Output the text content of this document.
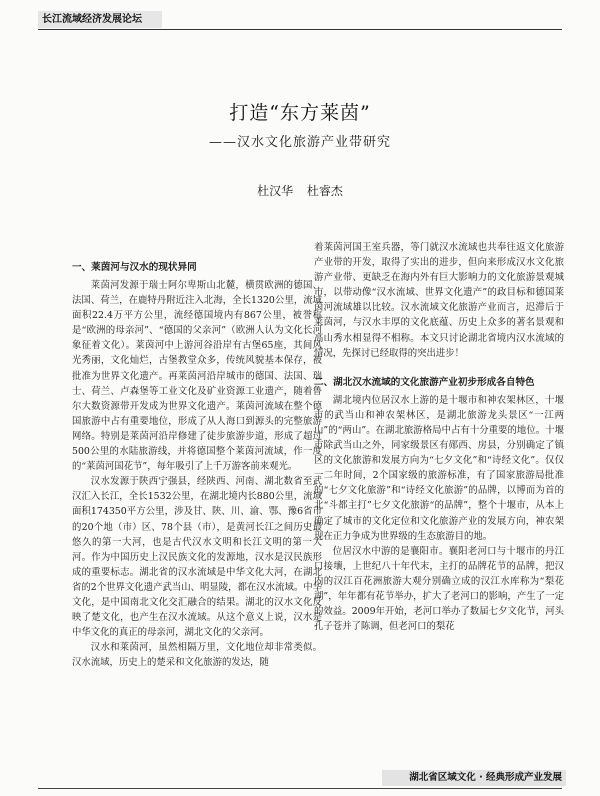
长江流域经济发展论坛
打造“东方莱茵”
——汉水文化旅游产业带研究
杜汉华 杜睿杰
一、莱茵河与汉水的现状异同

莱茵河发源于瑞士阿尔卑斯山北麓，横贯欧洲的德国、法国、荷兰，在鹿特丹附近注入北海，全长1320公里，流域面积22.4万平方公里，流经德国境内有867公里，被誉称是“欧洲的母亲河”、“德国的父亲河”（欧洲人认为文化长河象征着文化）。莱茵河中上游河谷沿岸有古堡65座，其间风光秀丽，文化灿烂，古堡教堂众多，传统风貌基本保存，被批准为世界文化遗产。再莱茵河沿岸城市的德国、法国、瑞士、荷兰、卢森堡等工业文化及矿业资源工业遗产，随着鲁尔大数资源带开发成为世界文化遗产。莱茵河流域在整个德国旅游中占有重要地位，形成了从人海口到源头的完整旅游网络。特别是莱茵河沿岸修建了徒步旅游步道，形成了超过500公里的水陆旅游线，并将德国整个莱茵河流域，作一度的“莱茵河国花节”，每年吸引了上千万游客前来观光。

汉水发源于陕西宁强县，经陕西、河南、湖北数省至武汉汇入长江，全长1532公里，在湖北境内长880公里，流域面积174350平方公里，涉及甘、陕、川、渝、鄂、豫6省市的20个地（市）区、78个县（市），是黄河长江之间历史最悠久的第一大河，也是古代汉水文明和长江文明的第一大河。作为中国历史上汉民族文化的发源地，汉水是汉民族形成的重要标志。湖北省的汉水流域是中华文化大河，在湖北省的2个世界文化遗产武当山、明显陵，都在汉水流域。中华文化，是中国南北文化交汇融合的结果。湖北的汉水文化反映了楚文化，也产生在汉水流域。从这个意义上说，汉水是中华文化的真正的母亲河，湖北文化的父亲河。

汉水和莱茵河，虽然相隔万里，文化地位却非常类似。汉水流域，历史上的楚采和文化旅游的发达，随

着莱茵河国王室兵器，等门就汉水流域也共奉往返文化旅游产业带的开发，取得了实出的进步，但向来形成汉水文化旅游产业带、更缺乏在海内外有巨大影响力的文化旅游景观城市，以带动像“汉水流域、世界文化遗产”的政目标和德国莱茵河流域雄以比较。汉水流域文化旅游产业而言，迟滞后于莱茵河，与汉水丰厚的文化底蕴、历史上众多的著名景观和高山秀水相显得不相称。本文只讨论湖北省境内汉水流域的情况，先探讨已经取得的突出进步！

二、湖北汉水流域的文化旅游产业初步形成各自特色

湖北境内位居汉水上游的是十堰市和神农架林区，十堰市的武当山和神农架林区，是湖北旅游龙头景区“一江两山”的“两山”。在湖北旅游格局中占有十分重要的地位。十堰市除武当山之外，同家级景区有郧西、房县，分别确定了镇区的文化旅游和发展方向为“七夕文化”和“诗经文化”。仅仅一二年时间，2个国家级的旅游标准，有了国家旅游局批准的“七夕文化旅游”和“诗经文化旅游”的品牌，以博而为首的北“斗都主打”七夕文化旅游“的品牌”，整个十堰市，从本上确定了城市的文化定位和文化旅游产业的发展方向，神农架现在正力争成为世界级的生态旅游目的地。

位居汉水中游的是襄阳市。襄阳老河口与十堰市的丹江口接壤，上世纪八十年代末，主打的品牌花节的品牌，把汉内的汉江百花洲旅游大观分别确立成的汉江水库称为“梨花湖”，年年都有花节举办，扩大了老河口的影响，产生了一定的效益。2009年开始，老河口举办了数届七夕文化节，河头孔子苍并了陈调，但老河口的梨花

湖北省区域文化 · 经典形成产业发展
